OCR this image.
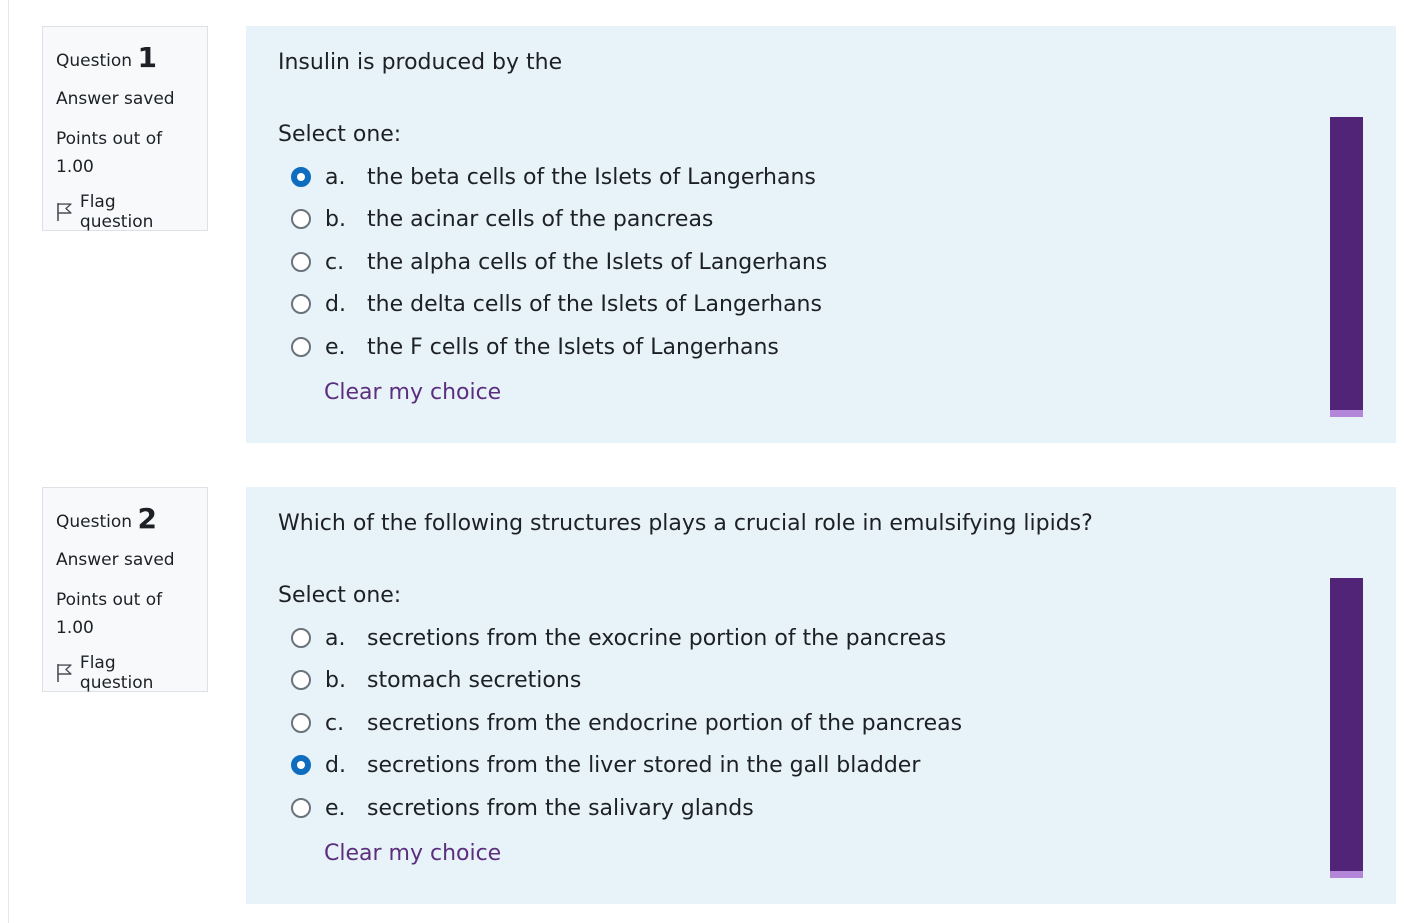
Question 1
Answer saved
Points out of
1.00
Flag question
Insulin is produced by the
Select one:
a. the beta cells of the Islets of Langerhans
b. the acinar cells of the pancreas
c.	the alpha cells of the Islets of Langerhans
d. the delta cells of the Islets of Langerhans
e. the F cells of the Islets of Langerhans
Clear my choice
Question 2
Answer saved
Points out of
1.00
Flag question
Which of the following structures plays a crucial role in emulsifying lipids?
Select one:
a. secretions from the exocrine portion of the pancreas
b. stomach secretions
c.	secretions from the endocrine portion of the pancreas
d. secretions from the liver stored in the gall bladder
e. secretions from the salivary glands
Clear my choice
